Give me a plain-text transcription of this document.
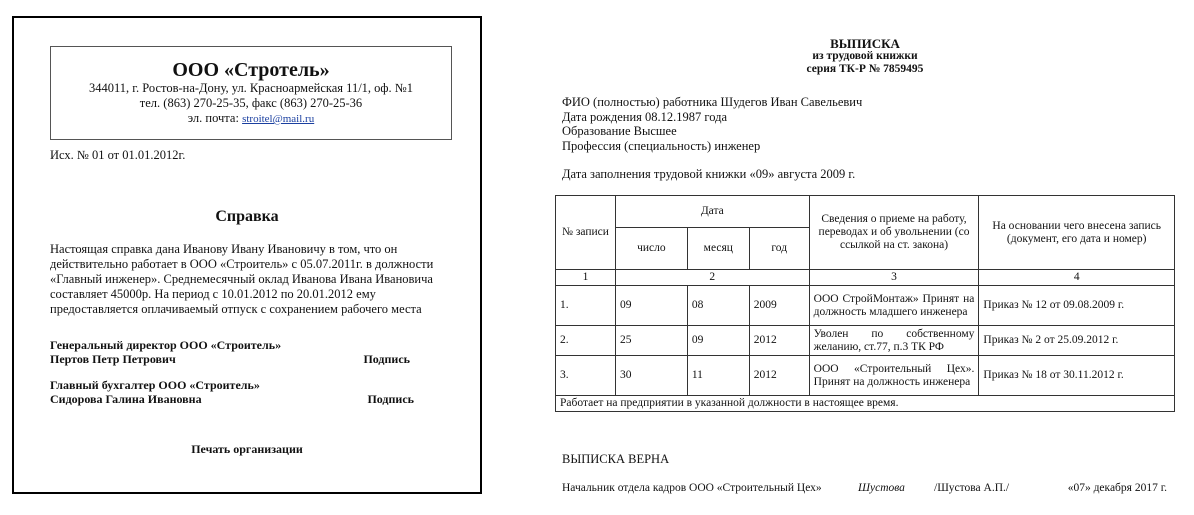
ООО «Стротель»
344011, г. Ростов-на-Дону, ул. Красноармейская 11/1, оф. №1
тел. (863) 270-25-35, факс (863) 270-25-36
эл. почта: stroitel@mail.ru
Исх. № 01 от 01.01.2012г.
Справка
Настоящая справка дана Иванову Ивану Ивановичу в том, что он действительно работает в ООО «Строитель» с 05.07.2011г. в должности «Главный инженер». Среднемесячный оклад Иванова Ивана Ивановича составляет 45000р. На период с 10.01.2012 по 20.01.2012 ему предоставляется оплачиваемый отпуск с сохранением рабочего места
Генеральный директор ООО «Строитель»
Пертов Петр Петрович	Подпись
Главный бухгалтер ООО «Строитель»
Сидорова Галина Ивановна	Подпись
Печать организации
ВЫПИСКА
из трудовой книжки
серия ТК-Р № 7859495
ФИО (полностью) работника Шудегов Иван Савельевич
Дата рождения 08.12.1987 года
Образование Высшее
Профессия (специальность) инженер
Дата заполнения трудовой книжки «09» августа 2009 г.
№ записи	Дата			Сведения о приеме на работу, переводах и об увольнении (со ссылкой на ст. закона)	На основании чего внесена запись (документ, его дата и номер)
	число	месяц	год		
1	2			3	4
1.	09	08	2009	ООО СтройМонтаж» Принят на должность младшего инженера	Приказ № 12 от 09.08.2009 г.
2.	25	09	2012	Уволен по собственному желанию, ст.77, п.3 ТК РФ	Приказ № 2 от 25.09.2012 г.
3.	30	11	2012	ООО «Строительный Цех». Принят на должность инженера	Приказ № 18 от 30.11.2012 г.
Работает на предприятии в указанной должности в настоящее время.					
ВЫПИСКА ВЕРНА
Начальник отдела кадров ООО «Строительный Цех»	Шустова	/Шустова А.П./	«07» декабря 2017 г.
